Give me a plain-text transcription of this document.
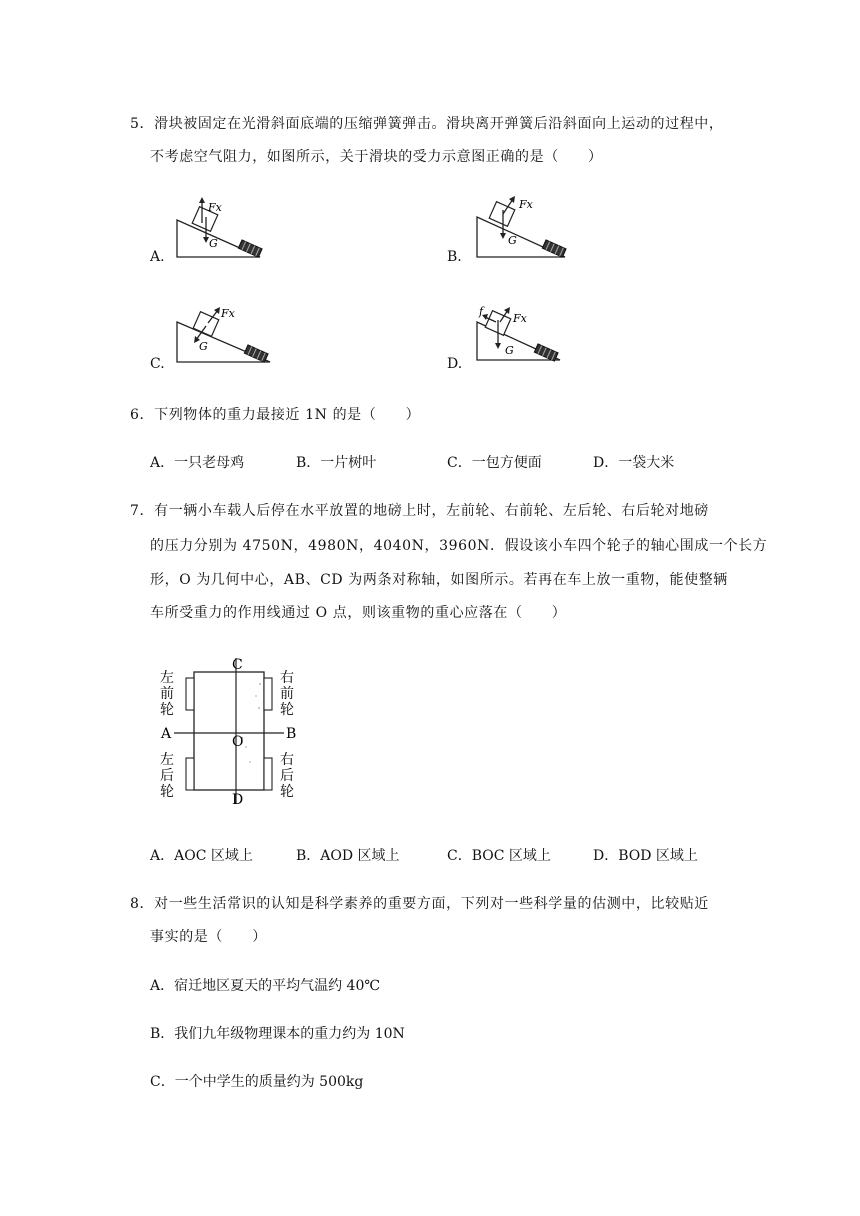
5．滑块被固定在光滑斜面底端的压缩弹簧弹击。滑块离开弹簧后沿斜面向上运动的过程中，
不考虑空气阻力，如图所示，关于滑块的受力示意图正确的是（　　）
A.
Fx
G
B.
Fx
G
C.
Fx
G
D.
f
Fx
G
6．下列物体的重力最接近 1N 的是（　　）
A．一只老母鸡	B．一片树叶	C．一包方便面	D．一袋大米
7．有一辆小车载人后停在水平放置的地磅上时，左前轮、右前轮、左后轮、右后轮对地磅
的压力分别为 4750N，4980N，4040N，3960N．假设该小车四个轮子的轴心围成一个长方
形，O 为几何中心，AB、CD 为两条对称轴，如图所示。若再在车上放一重物，能使整辆
车所受重力的作用线通过 O 点，则该重物的重心应落在（　　）
C
D
A	B
O
左
前
轮
右
前
轮
左
后
轮
右
后
轮
A．AOC 区域上	B．AOD 区域上	C．BOC 区域上	D．BOD 区域上
8．对一些生活常识的认知是科学素养的重要方面，下列对一些科学量的估测中，比较贴近
事实的是（　　）
A．宿迁地区夏天的平均气温约 40℃
B．我们九年级物理课本的重力约为 10N
C．一个中学生的质量约为 500kg
